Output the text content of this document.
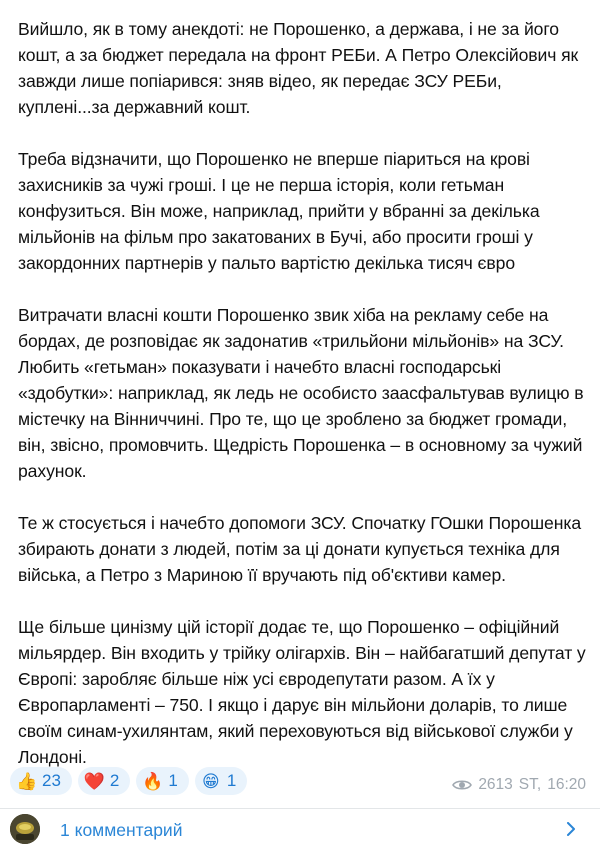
Вийшло, як в тому анекдоті: не Порошенко, а держава, і не за його кошт, а за бюджет передала на фронт РЕБи. А Петро Олексійович як завжди лише попіарився: зняв відео, як передає ЗСУ РЕБи, куплені...за державний кошт.

Треба відзначити, що Порошенко не вперше піариться на крові захисників за чужі гроші. І це не перша історія, коли гетьман конфузиться. Він може, наприклад, прийти у вбранні за декілька мільйонів на фільм про закатованих в Бучі, або просити гроші у закордонних партнерів у пальто вартістю декілька тисяч євро

Витрачати власні кошти Порошенко звик хіба на рекламу себе на бордах, де розповідає як задонатив «трильйони мільйонів» на ЗСУ. Любить «гетьман» показувати і начебто власні господарські «здобутки»: наприклад, як ледь не особисто заасфальтував вулицю в містечку на Вінниччині. Про те, що це зроблено за бюджет громади, він, звісно, промовчить. Щедрість Порошенка – в основному за чужий рахунок.

Те ж стосується і начебто допомоги ЗСУ. Спочатку ГОшки Порошенка збирають донати з людей, потім за ці донати купується техніка для війська, а Петро з Мариною її вручають під об'єктиви камер.

Ще більше цинізму цій історії додає те, що Порошенко – офіційний мільярдер. Він входить у трійку олігархів. Він – найбагатший депутат у Європі: заробляє більше ніж усі євродепутати разом. А їх у Європарламенті – 750. І якщо і дарує він мільйони доларів, то лише своїм синам-ухилянтам, який переховуються від військової служби у Лондоні.

👍 23 ❤️ 2 🔥 1 😁 1	2613 ST, 16:20
1 комментарий
